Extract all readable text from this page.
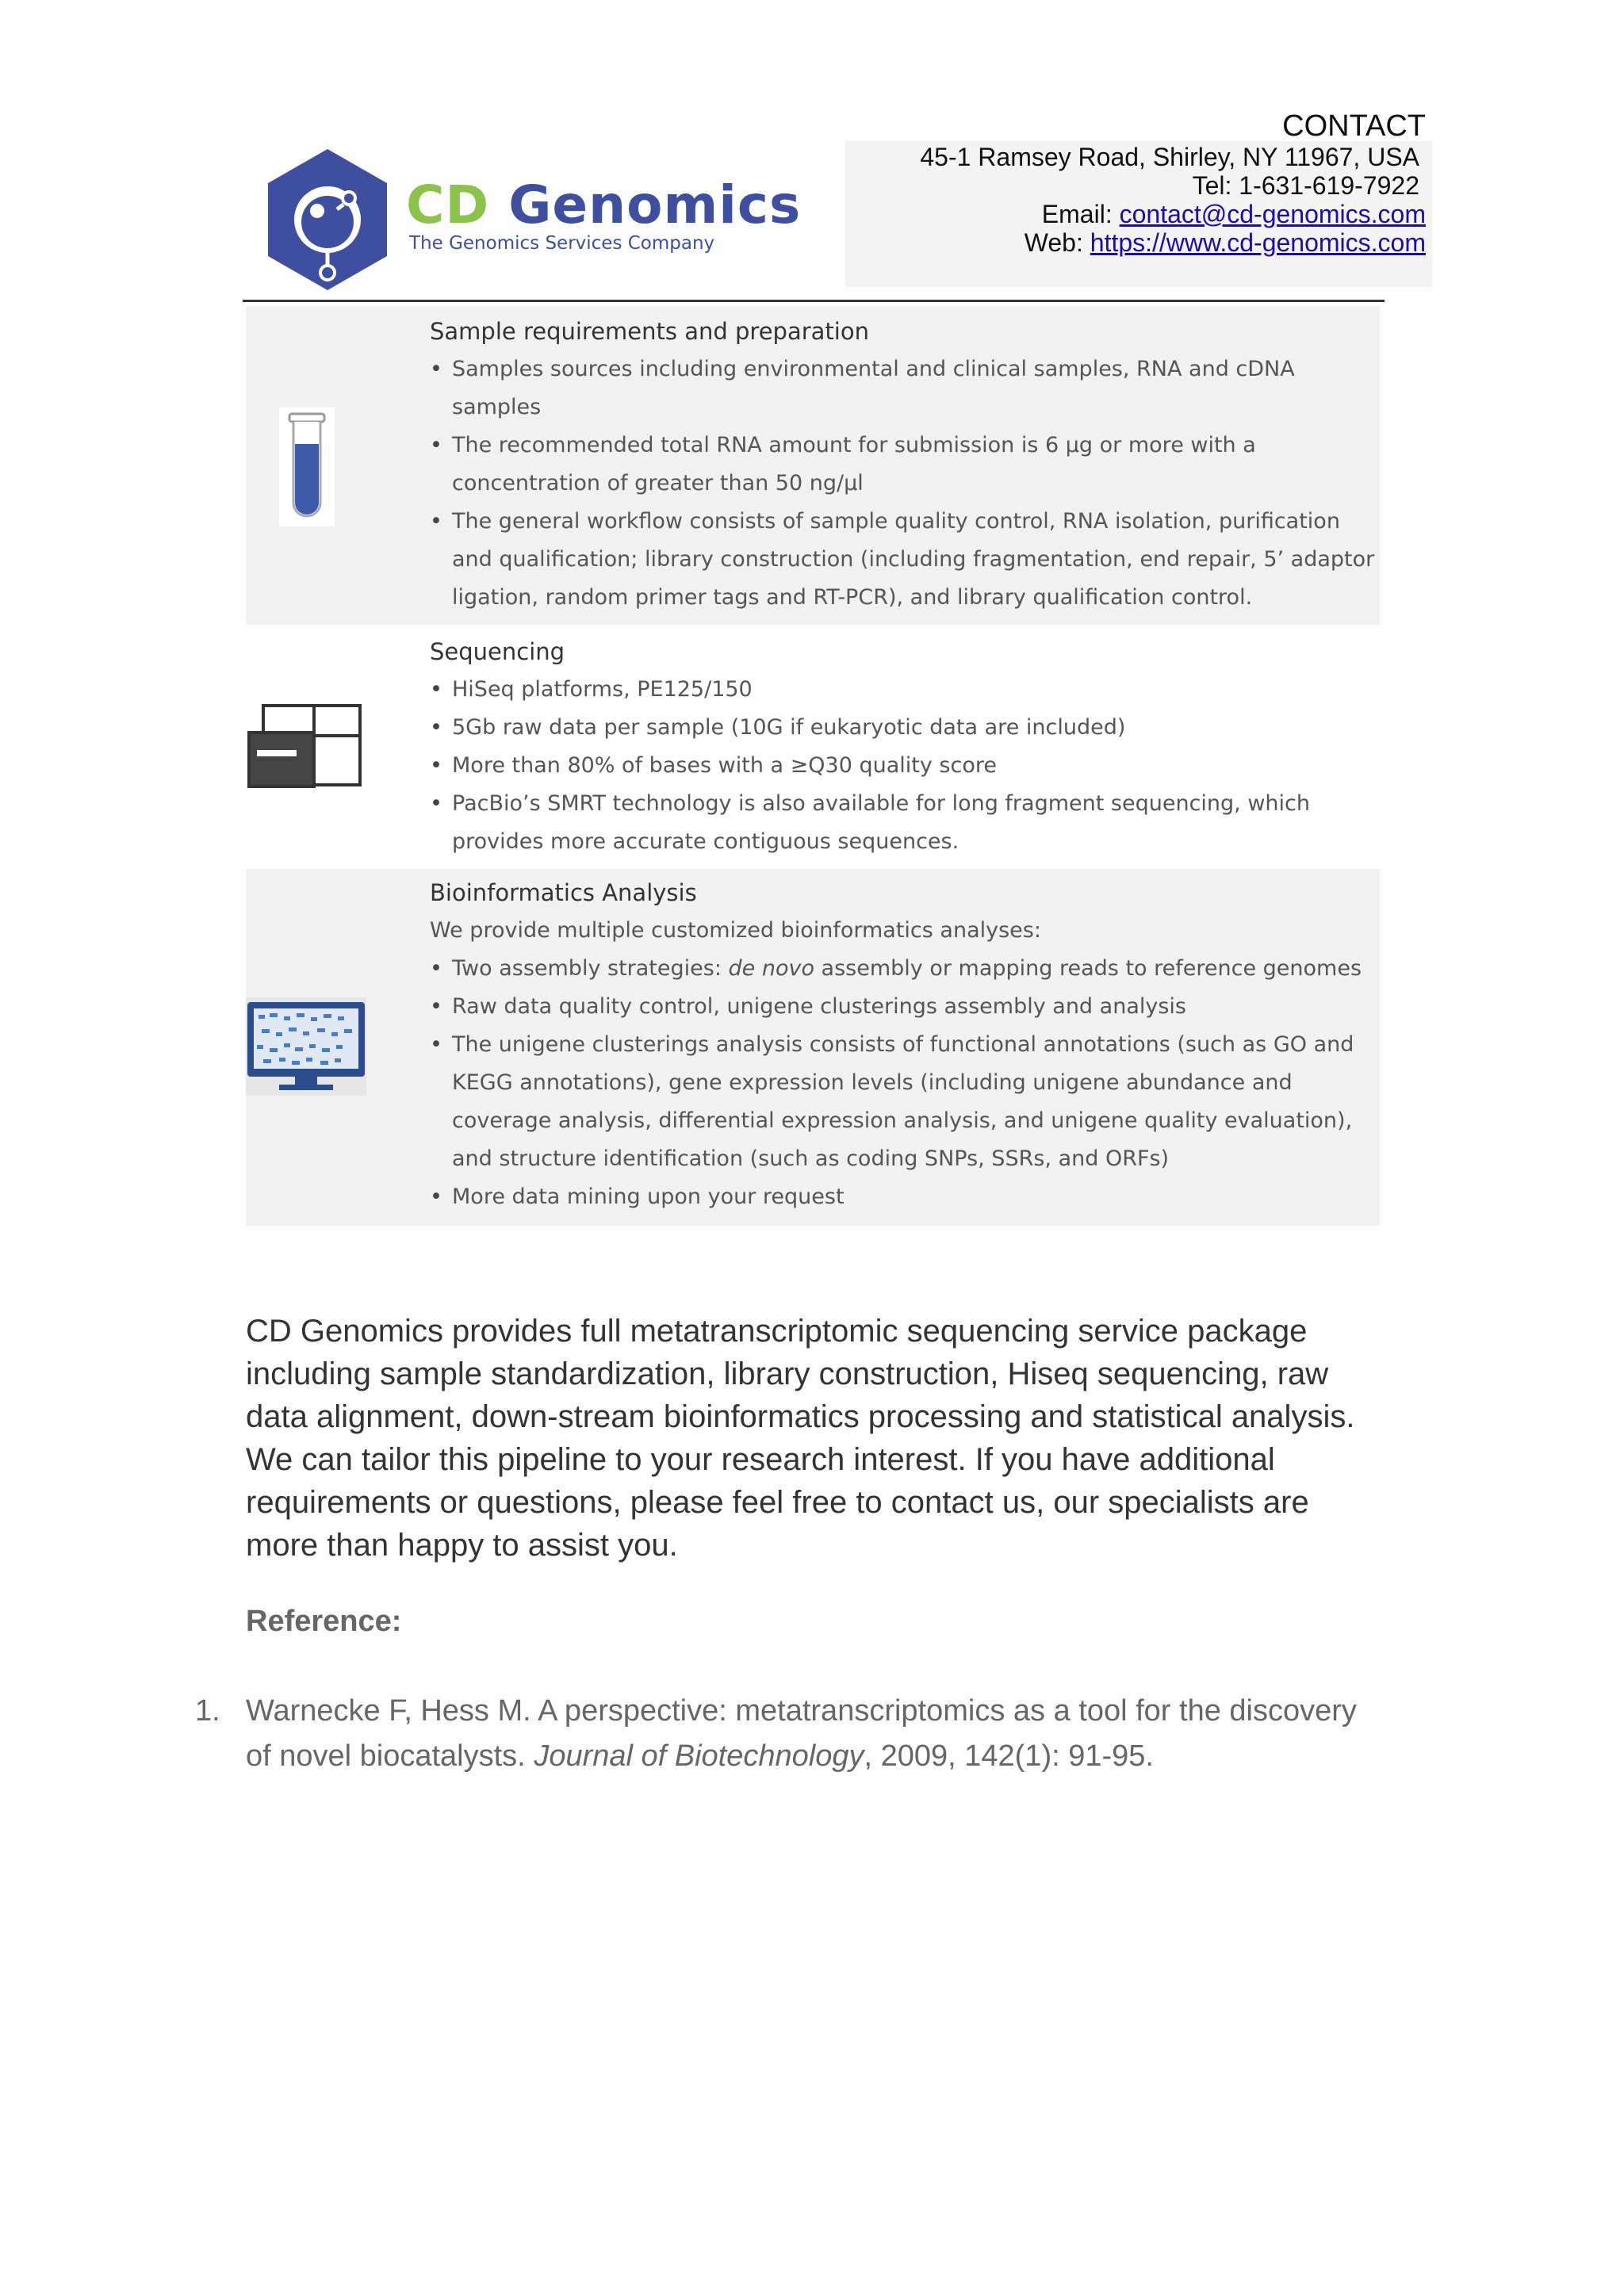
CD Genomics
The Genomics Services Company
CONTACT
45-1 Ramsey Road, Shirley, NY 11967, USA
Tel: 1-631-619-7922
Email: contact@cd-genomics.com
Web: https://www.cd-genomics.com

Sample requirements and preparation

• Samples sources including environmental and clinical samples, RNA and cDNA samples
• The recommended total RNA amount for submission is 6 µg or more with a concentration of greater than 50 ng/µl
• The general workflow consists of sample quality control, RNA isolation, purification and qualification; library construction (including fragmentation, end repair, 5’ adaptor ligation, random primer tags and RT-PCR), and library qualification control.

Sequencing

• HiSeq platforms, PE125/150
• 5Gb raw data per sample (10G if eukaryotic data are included)
• More than 80% of bases with a ≥Q30 quality score
• PacBio’s SMRT technology is also available for long fragment sequencing, which provides more accurate contiguous sequences.

Bioinformatics Analysis

We provide multiple customized bioinformatics analyses:

• Two assembly strategies: de novo assembly or mapping reads to reference genomes
• Raw data quality control, unigene clusterings assembly and analysis
• The unigene clusterings analysis consists of functional annotations (such as GO and KEGG annotations), gene expression levels (including unigene abundance and coverage analysis, differential expression analysis, and unigene quality evaluation), and structure identification (such as coding SNPs, SSRs, and ORFs)
• More data mining upon your request

CD Genomics provides full metatranscriptomic sequencing service package including sample standardization, library construction, Hiseq sequencing, raw data alignment, down-stream bioinformatics processing and statistical analysis. We can tailor this pipeline to your research interest. If you have additional requirements or questions, please feel free to contact us, our specialists are more than happy to assist you.

Reference:

1. Warnecke F, Hess M. A perspective: metatranscriptomics as a tool for the discovery of novel biocatalysts. Journal of Biotechnology, 2009, 142(1): 91-95.
